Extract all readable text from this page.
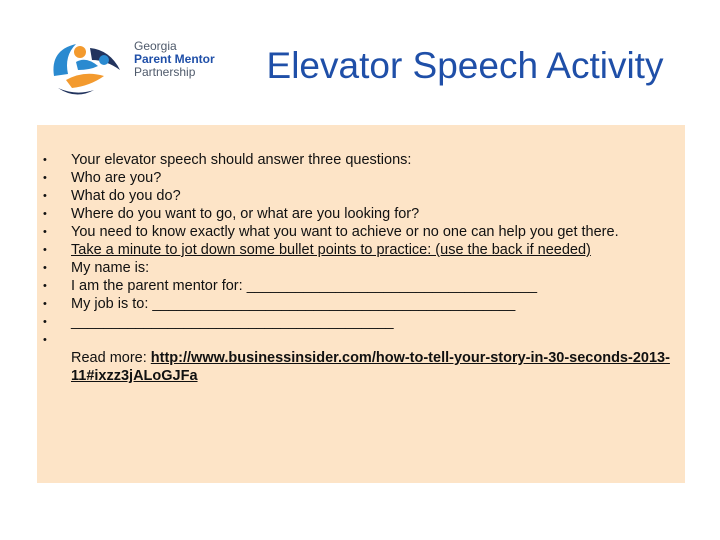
Georgia
Parent Mentor
Partnership	Elevator Speech Activity
• Your elevator speech should answer three questions:
• Who are you?
• What do you do?
• Where do you want to go, or what are you looking for?
• You need to know exactly what you want to achieve or no one can help you get there.
• Take a minute to jot down some bullet points to practice: (use the back if needed)
• My name is:
• I am the parent mentor for: ____________________________________
• My job is to: _____________________________________________
• ________________________________________
•

Read more: http://www.businessinsider.com/how-to-tell-your-story-in-30-seconds-2013-11#ixzz3jALoGJFa
